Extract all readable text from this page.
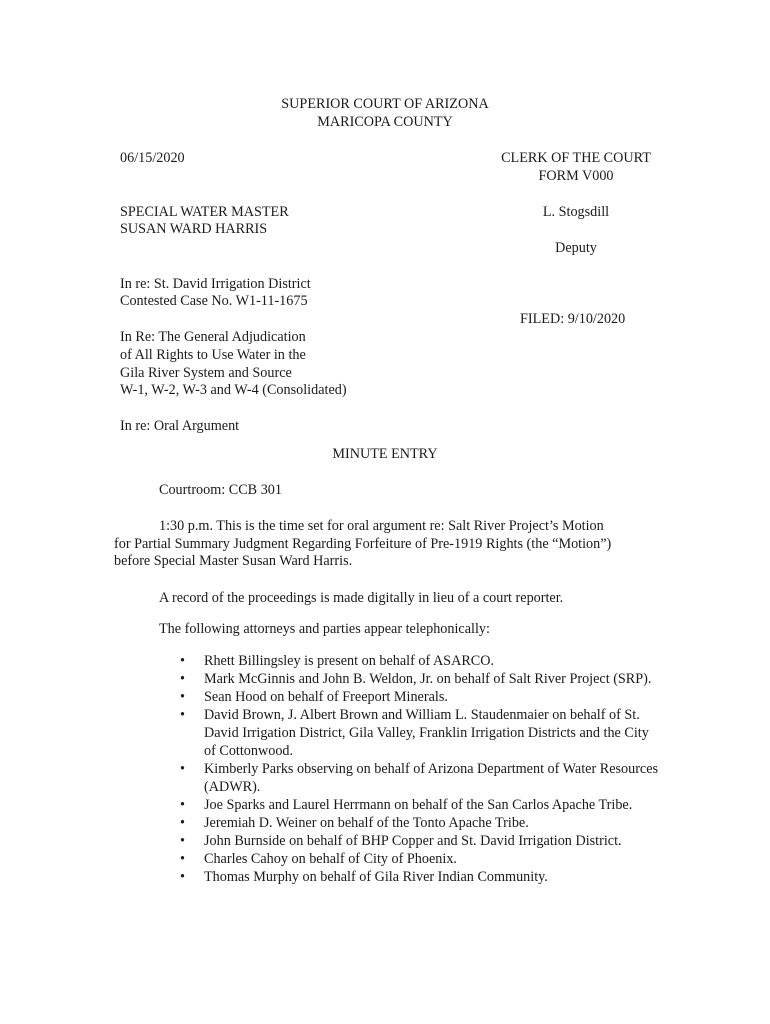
SUPERIOR COURT OF ARIZONA
MARICOPA COUNTY
06/15/2020	CLERK OF THE COURT
FORM V000
SPECIAL WATER MASTER
SUSAN WARD HARRIS
L. Stogsdill
Deputy
In re: St. David Irrigation District
Contested Case No. W1-11-1675
FILED: 9/10/2020
In Re: The General Adjudication
of All Rights to Use Water in the
Gila River System and Source
W-1, W-2, W-3 and W-4 (Consolidated)
In re: Oral Argument
MINUTE ENTRY
Courtroom: CCB 301
1:30 p.m. This is the time set for oral argument re: Salt River Project’s Motion
for Partial Summary Judgment Regarding Forfeiture of Pre-1919 Rights (the “Motion”)
before Special Master Susan Ward Harris.
A record of the proceedings is made digitally in lieu of a court reporter.
The following attorneys and parties appear telephonically:
• Rhett Billingsley is present on behalf of ASARCO.
• Mark McGinnis and John B. Weldon, Jr. on behalf of Salt River Project (SRP).
• Sean Hood on behalf of Freeport Minerals.
• David Brown, J. Albert Brown and William L. Staudenmaier on behalf of St. David Irrigation District, Gila Valley, Franklin Irrigation Districts and the City of Cottonwood.
• Kimberly Parks observing on behalf of Arizona Department of Water Resources (ADWR).
• Joe Sparks and Laurel Herrmann on behalf of the San Carlos Apache Tribe.
• Jeremiah D. Weiner on behalf of the Tonto Apache Tribe.
• John Burnside on behalf of BHP Copper and St. David Irrigation District.
• Charles Cahoy on behalf of City of Phoenix.
• Thomas Murphy on behalf of Gila River Indian Community.
